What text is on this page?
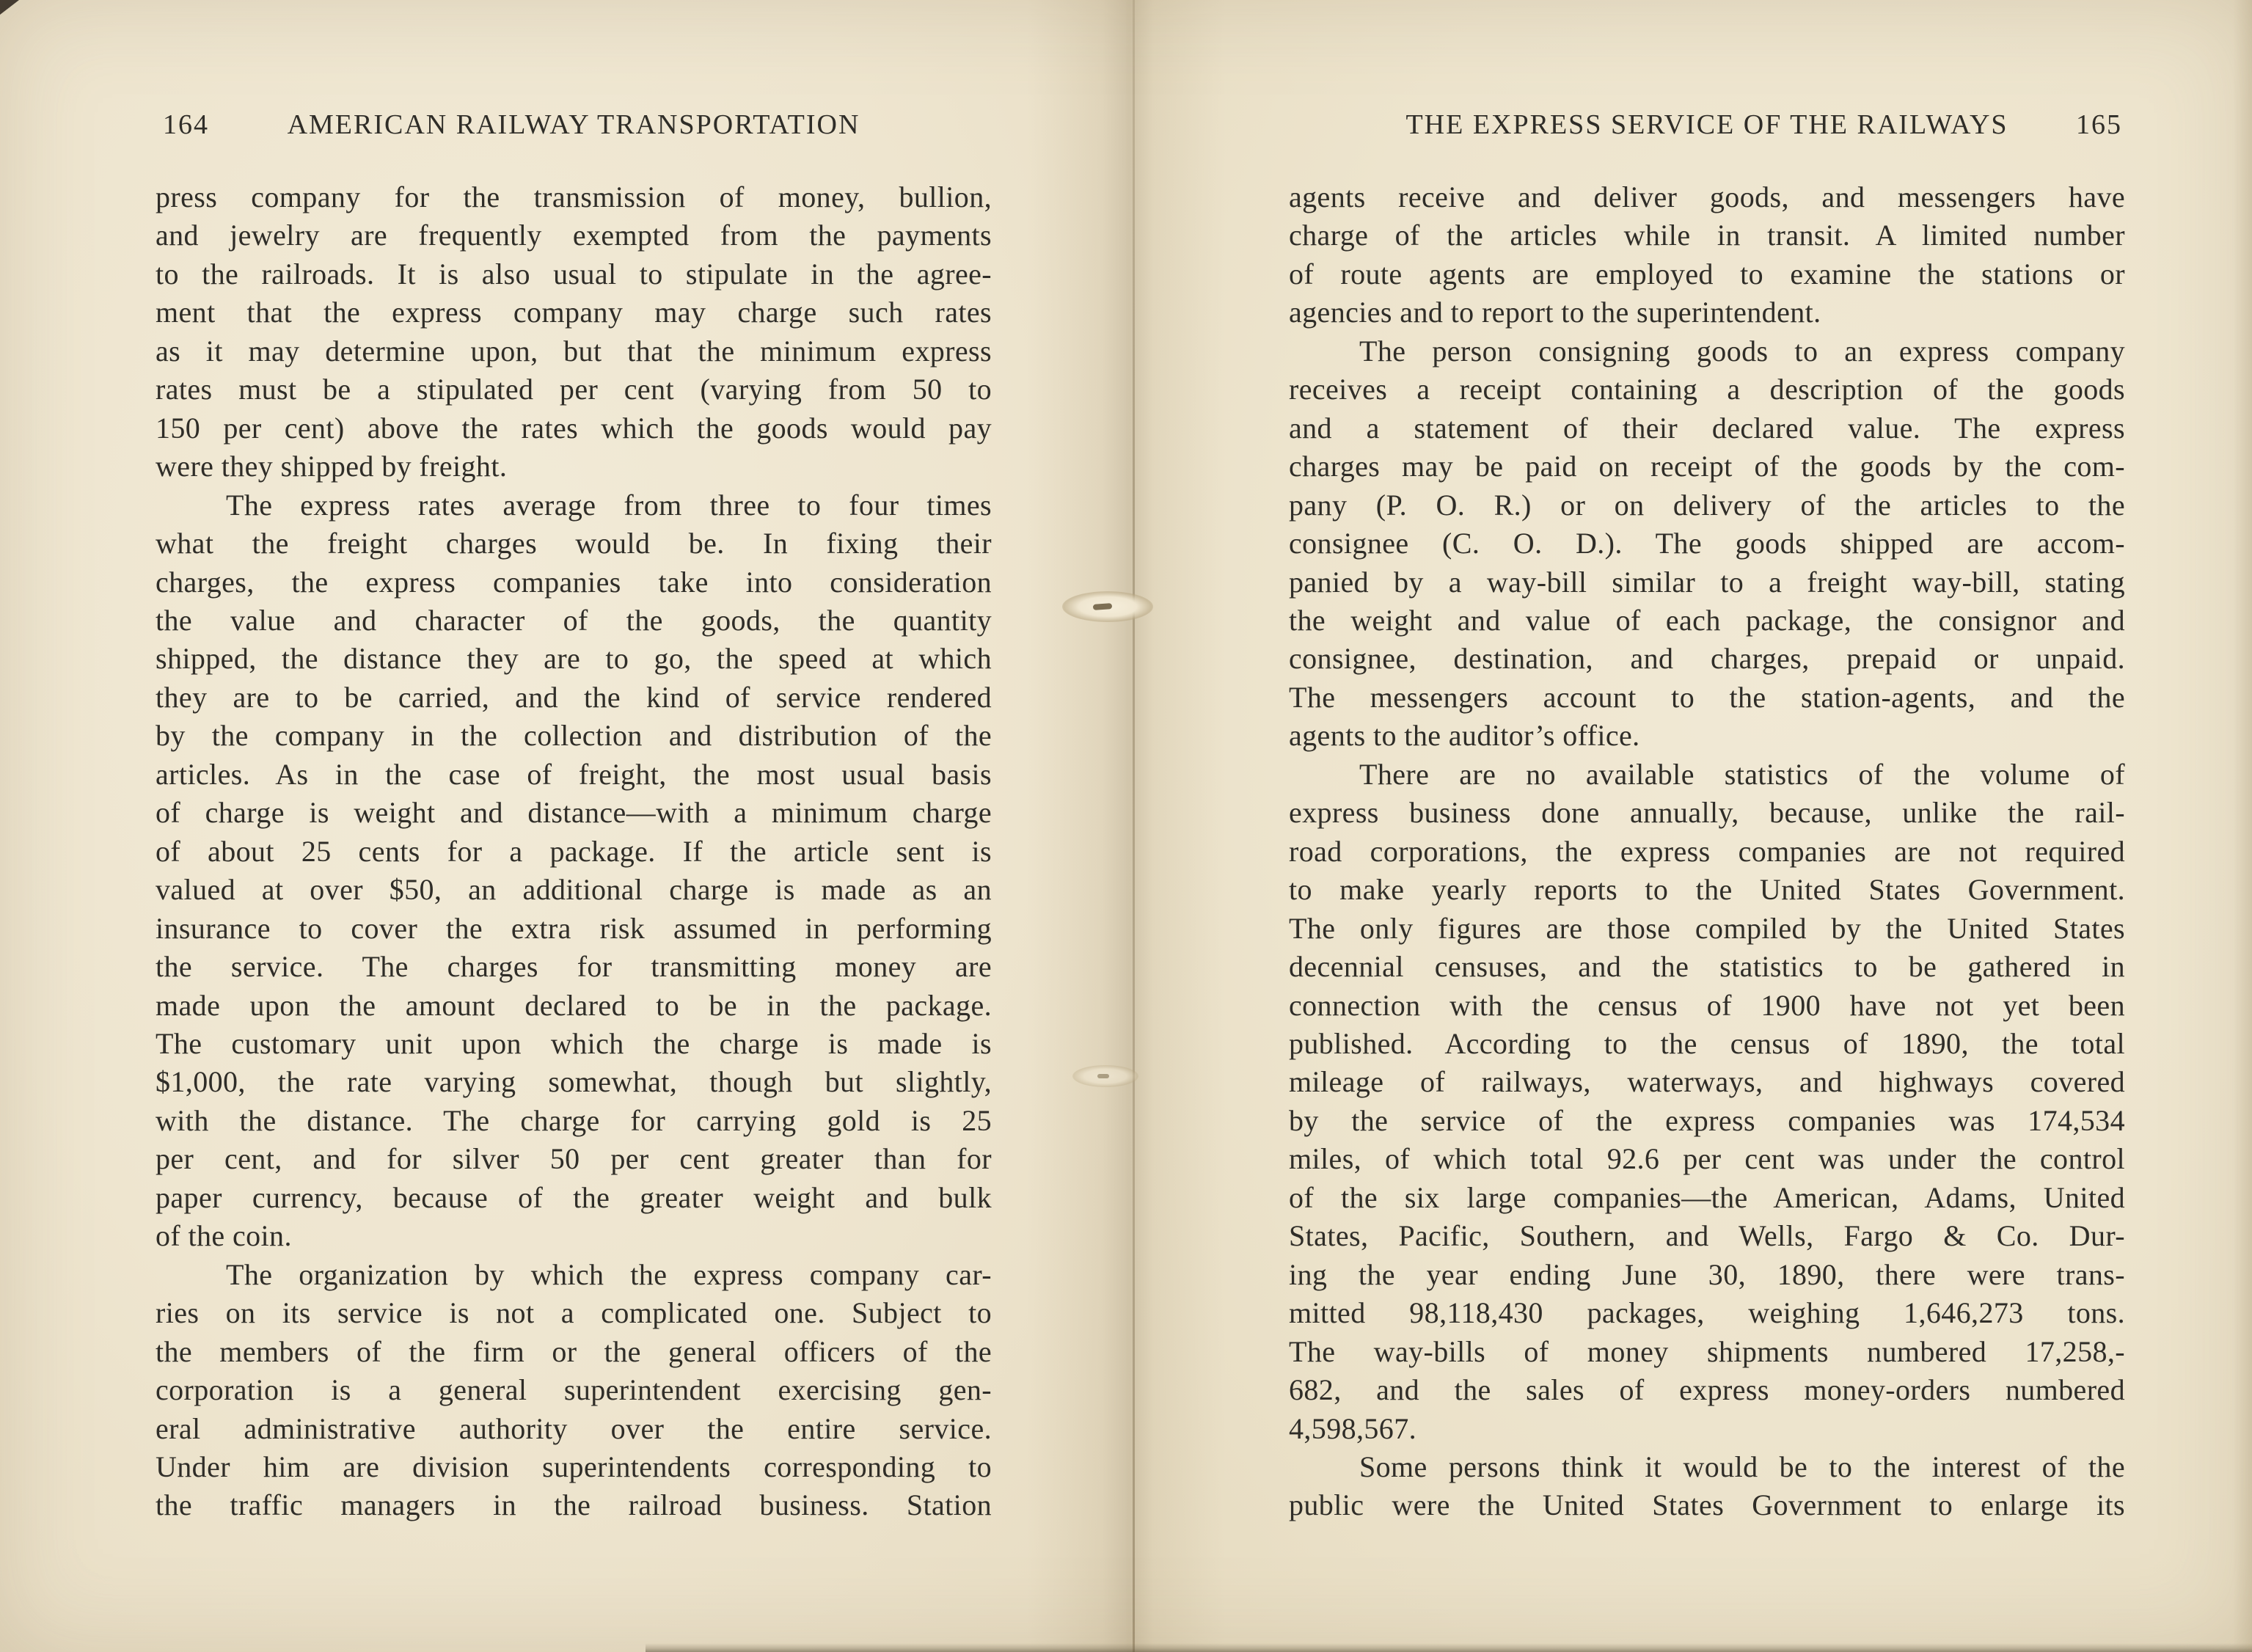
164	AMERICAN RAILWAY TRANSPORTATION
press company for the transmission of money, bullion,
and jewelry are frequently exempted from the payments
to the railroads. It is also usual to stipulate in the agree-
ment that the express company may charge such rates
as it may determine upon, but that the minimum express
rates must be a stipulated per cent (varying from 50 to
150 per cent) above the rates which the goods would pay
were they shipped by freight.
The express rates average from three to four times
what the freight charges would be. In fixing their
charges, the express companies take into consideration
the value and character of the goods, the quantity
shipped, the distance they are to go, the speed at which
they are to be carried, and the kind of service rendered
by the company in the collection and distribution of the
articles. As in the case of freight, the most usual basis
of charge is weight and distance—with a minimum charge
of about 25 cents for a package. If the article sent is
valued at over $50, an additional charge is made as an
insurance to cover the extra risk assumed in performing
the service. The charges for transmitting money are
made upon the amount declared to be in the package.
The customary unit upon which the charge is made is
$1,000, the rate varying somewhat, though but slightly,
with the distance. The charge for carrying gold is 25
per cent, and for silver 50 per cent greater than for
paper currency, because of the greater weight and bulk
of the coin.
The organization by which the express company car-
ries on its service is not a complicated one. Subject to
the members of the firm or the general officers of the
corporation is a general superintendent exercising gen-
eral administrative authority over the entire service.
Under him are division superintendents corresponding to
the traffic managers in the railroad business. Station
THE EXPRESS SERVICE OF THE RAILWAYS	165
agents receive and deliver goods, and messengers have
charge of the articles while in transit. A limited number
of route agents are employed to examine the stations or
agencies and to report to the superintendent.
The person consigning goods to an express company
receives a receipt containing a description of the goods
and a statement of their declared value. The express
charges may be paid on receipt of the goods by the com-
pany (P. O. R.) or on delivery of the articles to the
consignee (C. O. D.). The goods shipped are accom-
panied by a way-bill similar to a freight way-bill, stating
the weight and value of each package, the consignor and
consignee, destination, and charges, prepaid or unpaid.
The messengers account to the station-agents, and the
agents to the auditor’s office.
There are no available statistics of the volume of
express business done annually, because, unlike the rail-
road corporations, the express companies are not required
to make yearly reports to the United States Government.
The only figures are those compiled by the United States
decennial censuses, and the statistics to be gathered in
connection with the census of 1900 have not yet been
published. According to the census of 1890, the total
mileage of railways, waterways, and highways covered
by the service of the express companies was 174,534
miles, of which total 92.6 per cent was under the control
of the six large companies—the American, Adams, United
States, Pacific, Southern, and Wells, Fargo & Co. Dur-
ing the year ending June 30, 1890, there were trans-
mitted 98,118,430 packages, weighing 1,646,273 tons.
The way-bills of money shipments numbered 17,258,-
682, and the sales of express money-orders numbered
4,598,567.
Some persons think it would be to the interest of the
public were the United States Government to enlarge its
